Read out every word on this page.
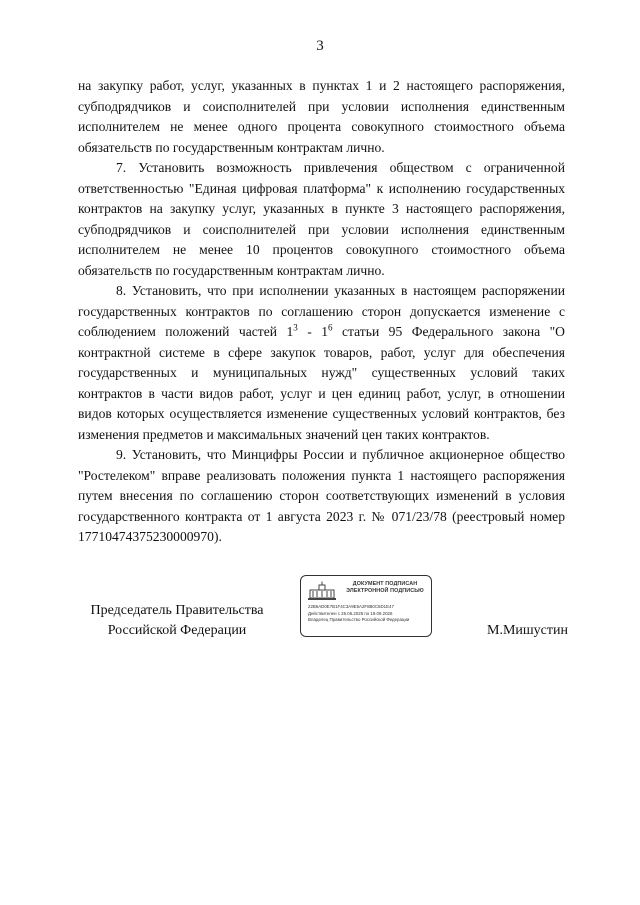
3

на закупку работ, услуг, указанных в пунктах 1 и 2 настоящего распоряжения, субподрядчиков и соисполнителей при условии исполнения единственным исполнителем не менее одного процента совокупного стоимостного объема обязательств по государственным контрактам лично.

7. Установить возможность привлечения обществом с ограниченной ответственностью "Единая цифровая платформа" к исполнению государственных контрактов на закупку услуг, указанных в пункте 3 настоящего распоряжения, субподрядчиков и соисполнителей при условии исполнения единственным исполнителем не менее 10 процентов совокупного стоимостного объема обязательств по государственным контрактам лично.

8. Установить, что при исполнении указанных в настоящем распоряжении государственных контрактов по соглашению сторон допускается изменение с соблюдением положений частей $1^3 - 1^6$ статьи 95 Федерального закона "О контрактной системе в сфере закупок товаров, работ, услуг для обеспечения государственных и муниципальных нужд" существенных условий таких контрактов в части видов работ, услуг и цен единиц работ, услуг, в отношении видов которых осуществляется изменение существенных условий контрактов, без изменения предметов и максимальных значений цен таких контрактов.

9. Установить, что Минцифры России и публичное акционерное общество "Ростелеком" вправе реализовать положения пункта 1 настоящего распоряжения путем внесения по соглашению сторон соответствующих изменений в условия государственного контракта от 1 августа 2023 г. № 071/23/78 (реестровый номер 17710474375230000970).

ДОКУМЕНТ ПОДПИСАН
ЭЛЕКТРОННОЙ ПОДПИСЬЮ
22B6AD0E7B1F4C3A9E5A2F8B0C6D1E47
Действителен с 26.06.2025 по 19.09.2026
Владелец Правительство Российской Федерации
Председатель Правительства
Российской Федерации	М.Мишустин
